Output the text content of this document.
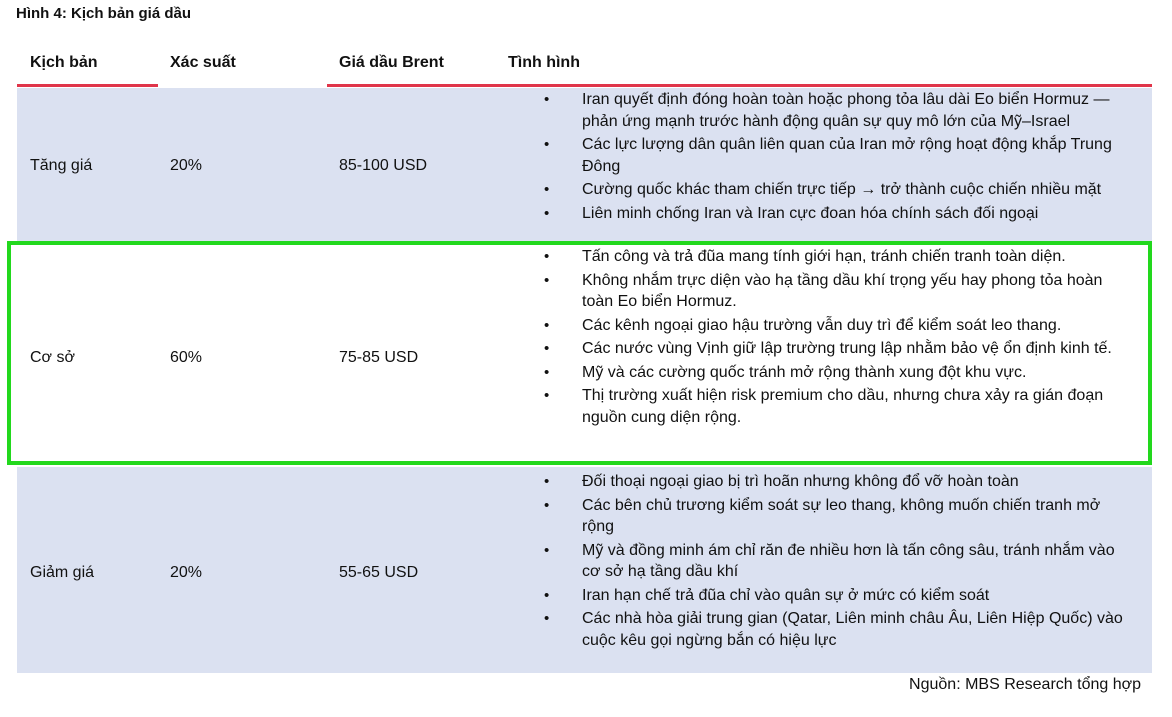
Hình 4: Kịch bản giá dầu
Kịch bản	Xác suất	Giá dầu Brent	Tình hình
Tăng giá	20%	85-100 USD
• Iran quyết định đóng hoàn toàn hoặc phong tỏa lâu dài Eo biển Hormuz — phản ứng mạnh trước hành động quân sự quy mô lớn của Mỹ–Israel
• Các lực lượng dân quân liên quan của Iran mở rộng hoạt động khắp Trung Đông
• Cường quốc khác tham chiến trực tiếp → trở thành cuộc chiến nhiều mặt
• Liên minh chống Iran và Iran cực đoan hóa chính sách đối ngoại
Cơ sở	60%	75-85 USD
• Tấn công và trả đũa mang tính giới hạn, tránh chiến tranh toàn diện.
• Không nhắm trực diện vào hạ tầng dầu khí trọng yếu hay phong tỏa hoàn toàn Eo biển Hormuz.
• Các kênh ngoại giao hậu trường vẫn duy trì để kiểm soát leo thang.
• Các nước vùng Vịnh giữ lập trường trung lập nhằm bảo vệ ổn định kinh tế.
• Mỹ và các cường quốc tránh mở rộng thành xung đột khu vực.
• Thị trường xuất hiện risk premium cho dầu, nhưng chưa xảy ra gián đoạn nguồn cung diện rộng.
Giảm giá	20%	55-65 USD
• Đối thoại ngoại giao bị trì hoãn nhưng không đổ vỡ hoàn toàn
• Các bên chủ trương kiểm soát sự leo thang, không muốn chiến tranh mở rộng
• Mỹ và đồng minh ám chỉ răn đe nhiều hơn là tấn công sâu, tránh nhắm vào cơ sở hạ tầng dầu khí
• Iran hạn chế trả đũa chỉ vào quân sự ở mức có kiểm soát
• Các nhà hòa giải trung gian (Qatar, Liên minh châu Âu, Liên Hiệp Quốc) vào cuộc kêu gọi ngừng bắn có hiệu lực
Nguồn: MBS Research tổng hợp
